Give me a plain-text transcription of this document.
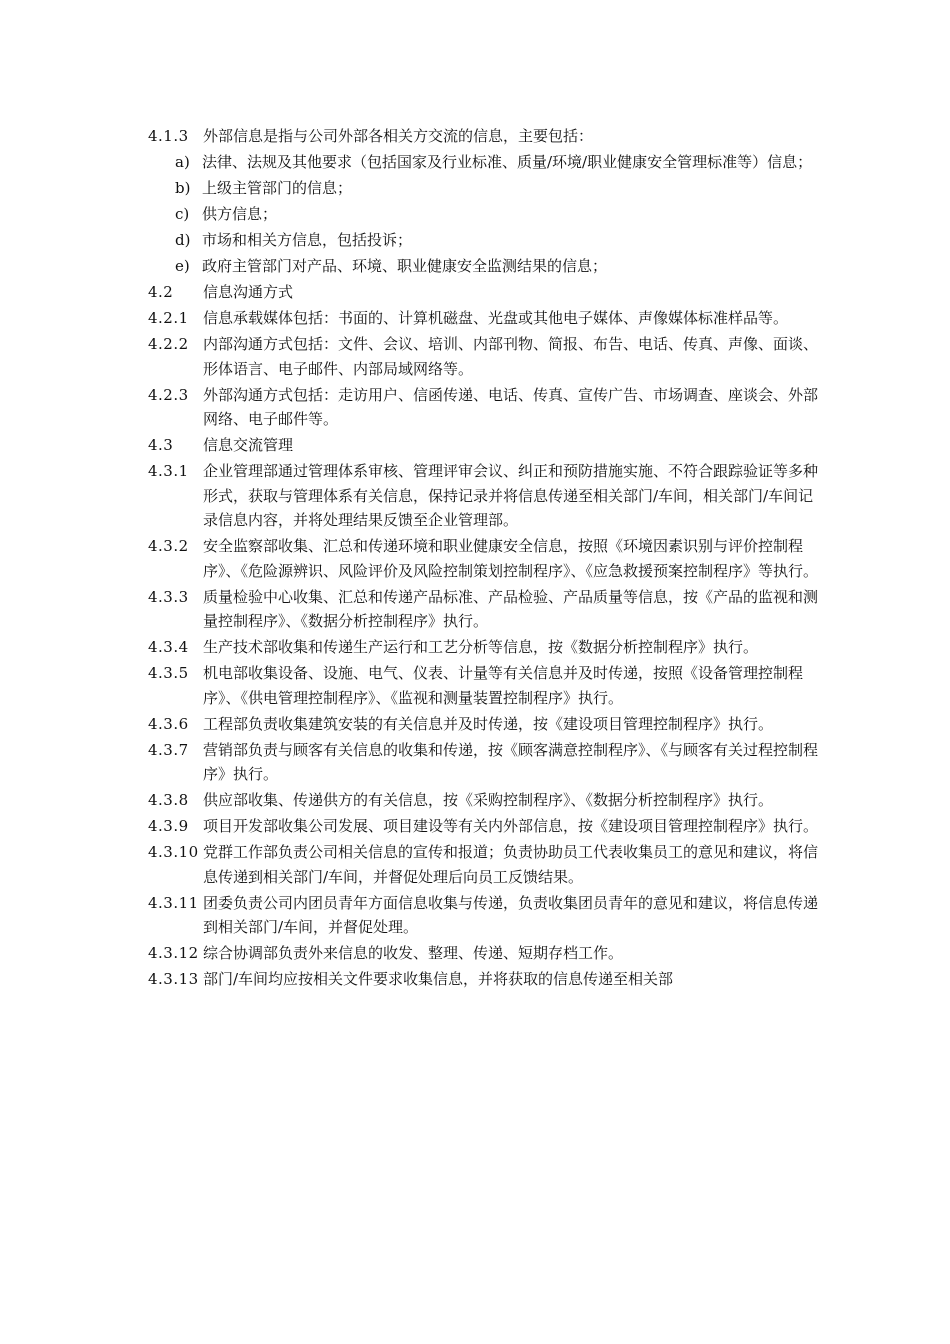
4.1.3 外部信息是指与公司外部各相关方交流的信息，主要包括：
a) 法律、法规及其他要求（包括国家及行业标准、质量/环境/职业健康安全管理标准等）信息；
b) 上级主管部门的信息；
c) 供方信息；
d) 市场和相关方信息，包括投诉；
e) 政府主管部门对产品、环境、职业健康安全监测结果的信息；
4.2	信息沟通方式
4.2.1 信息承载媒体包括：书面的、计算机磁盘、光盘或其他电子媒体、声像媒体标准样品等。
4.2.2 内部沟通方式包括：文件、会议、培训、内部刊物、简报、布告、电话、传真、声像、面谈、形体语言、电子邮件、内部局域网络等。
4.2.3 外部沟通方式包括：走访用户、信函传递、电话、传真、宣传广告、市场调查、座谈会、外部网络、电子邮件等。
4.3	信息交流管理
4.3.1 企业管理部通过管理体系审核、管理评审会议、纠正和预防措施实施、不符合跟踪验证等多种形式，获取与管理体系有关信息，保持记录并将信息传递至相关部门/车间，相关部门/车间记录信息内容，并将处理结果反馈至企业管理部。
4.3.2 安全监察部收集、汇总和传递环境和职业健康安全信息，按照《环境因素识别与评价控制程序》、《危险源辨识、风险评价及风险控制策划控制程序》、《应急救援预案控制程序》等执行。
4.3.3 质量检验中心收集、汇总和传递产品标准、产品检验、产品质量等信息，按《产品的监视和测量控制程序》、《数据分析控制程序》执行。
4.3.4 生产技术部收集和传递生产运行和工艺分析等信息，按《数据分析控制程序》执行。
4.3.5 机电部收集设备、设施、电气、仪表、计量等有关信息并及时传递，按照《设备管理控制程序》、《供电管理控制程序》、《监视和测量装置控制程序》执行。
4.3.6 工程部负责收集建筑安装的有关信息并及时传递，按《建设项目管理控制程序》执行。
4.3.7 营销部负责与顾客有关信息的收集和传递，按《顾客满意控制程序》、《与顾客有关过程控制程序》执行。
4.3.8 供应部收集、传递供方的有关信息，按《采购控制程序》、《数据分析控制程序》执行。
4.3.9 项目开发部收集公司发展、项目建设等有关内外部信息，按《建设项目管理控制程序》执行。
4.3.10 党群工作部负责公司相关信息的宣传和报道；负责协助员工代表收集员工的意见和建议，将信息传递到相关部门/车间，并督促处理后向员工反馈结果。
4.3.11 团委负责公司内团员青年方面信息收集与传递，负责收集团员青年的意见和建议，将信息传递到相关部门/车间，并督促处理。
4.3.12 综合协调部负责外来信息的收发、整理、传递、短期存档工作。
4.3.13 部门/车间均应按相关文件要求收集信息，并将获取的信息传递至相关部
